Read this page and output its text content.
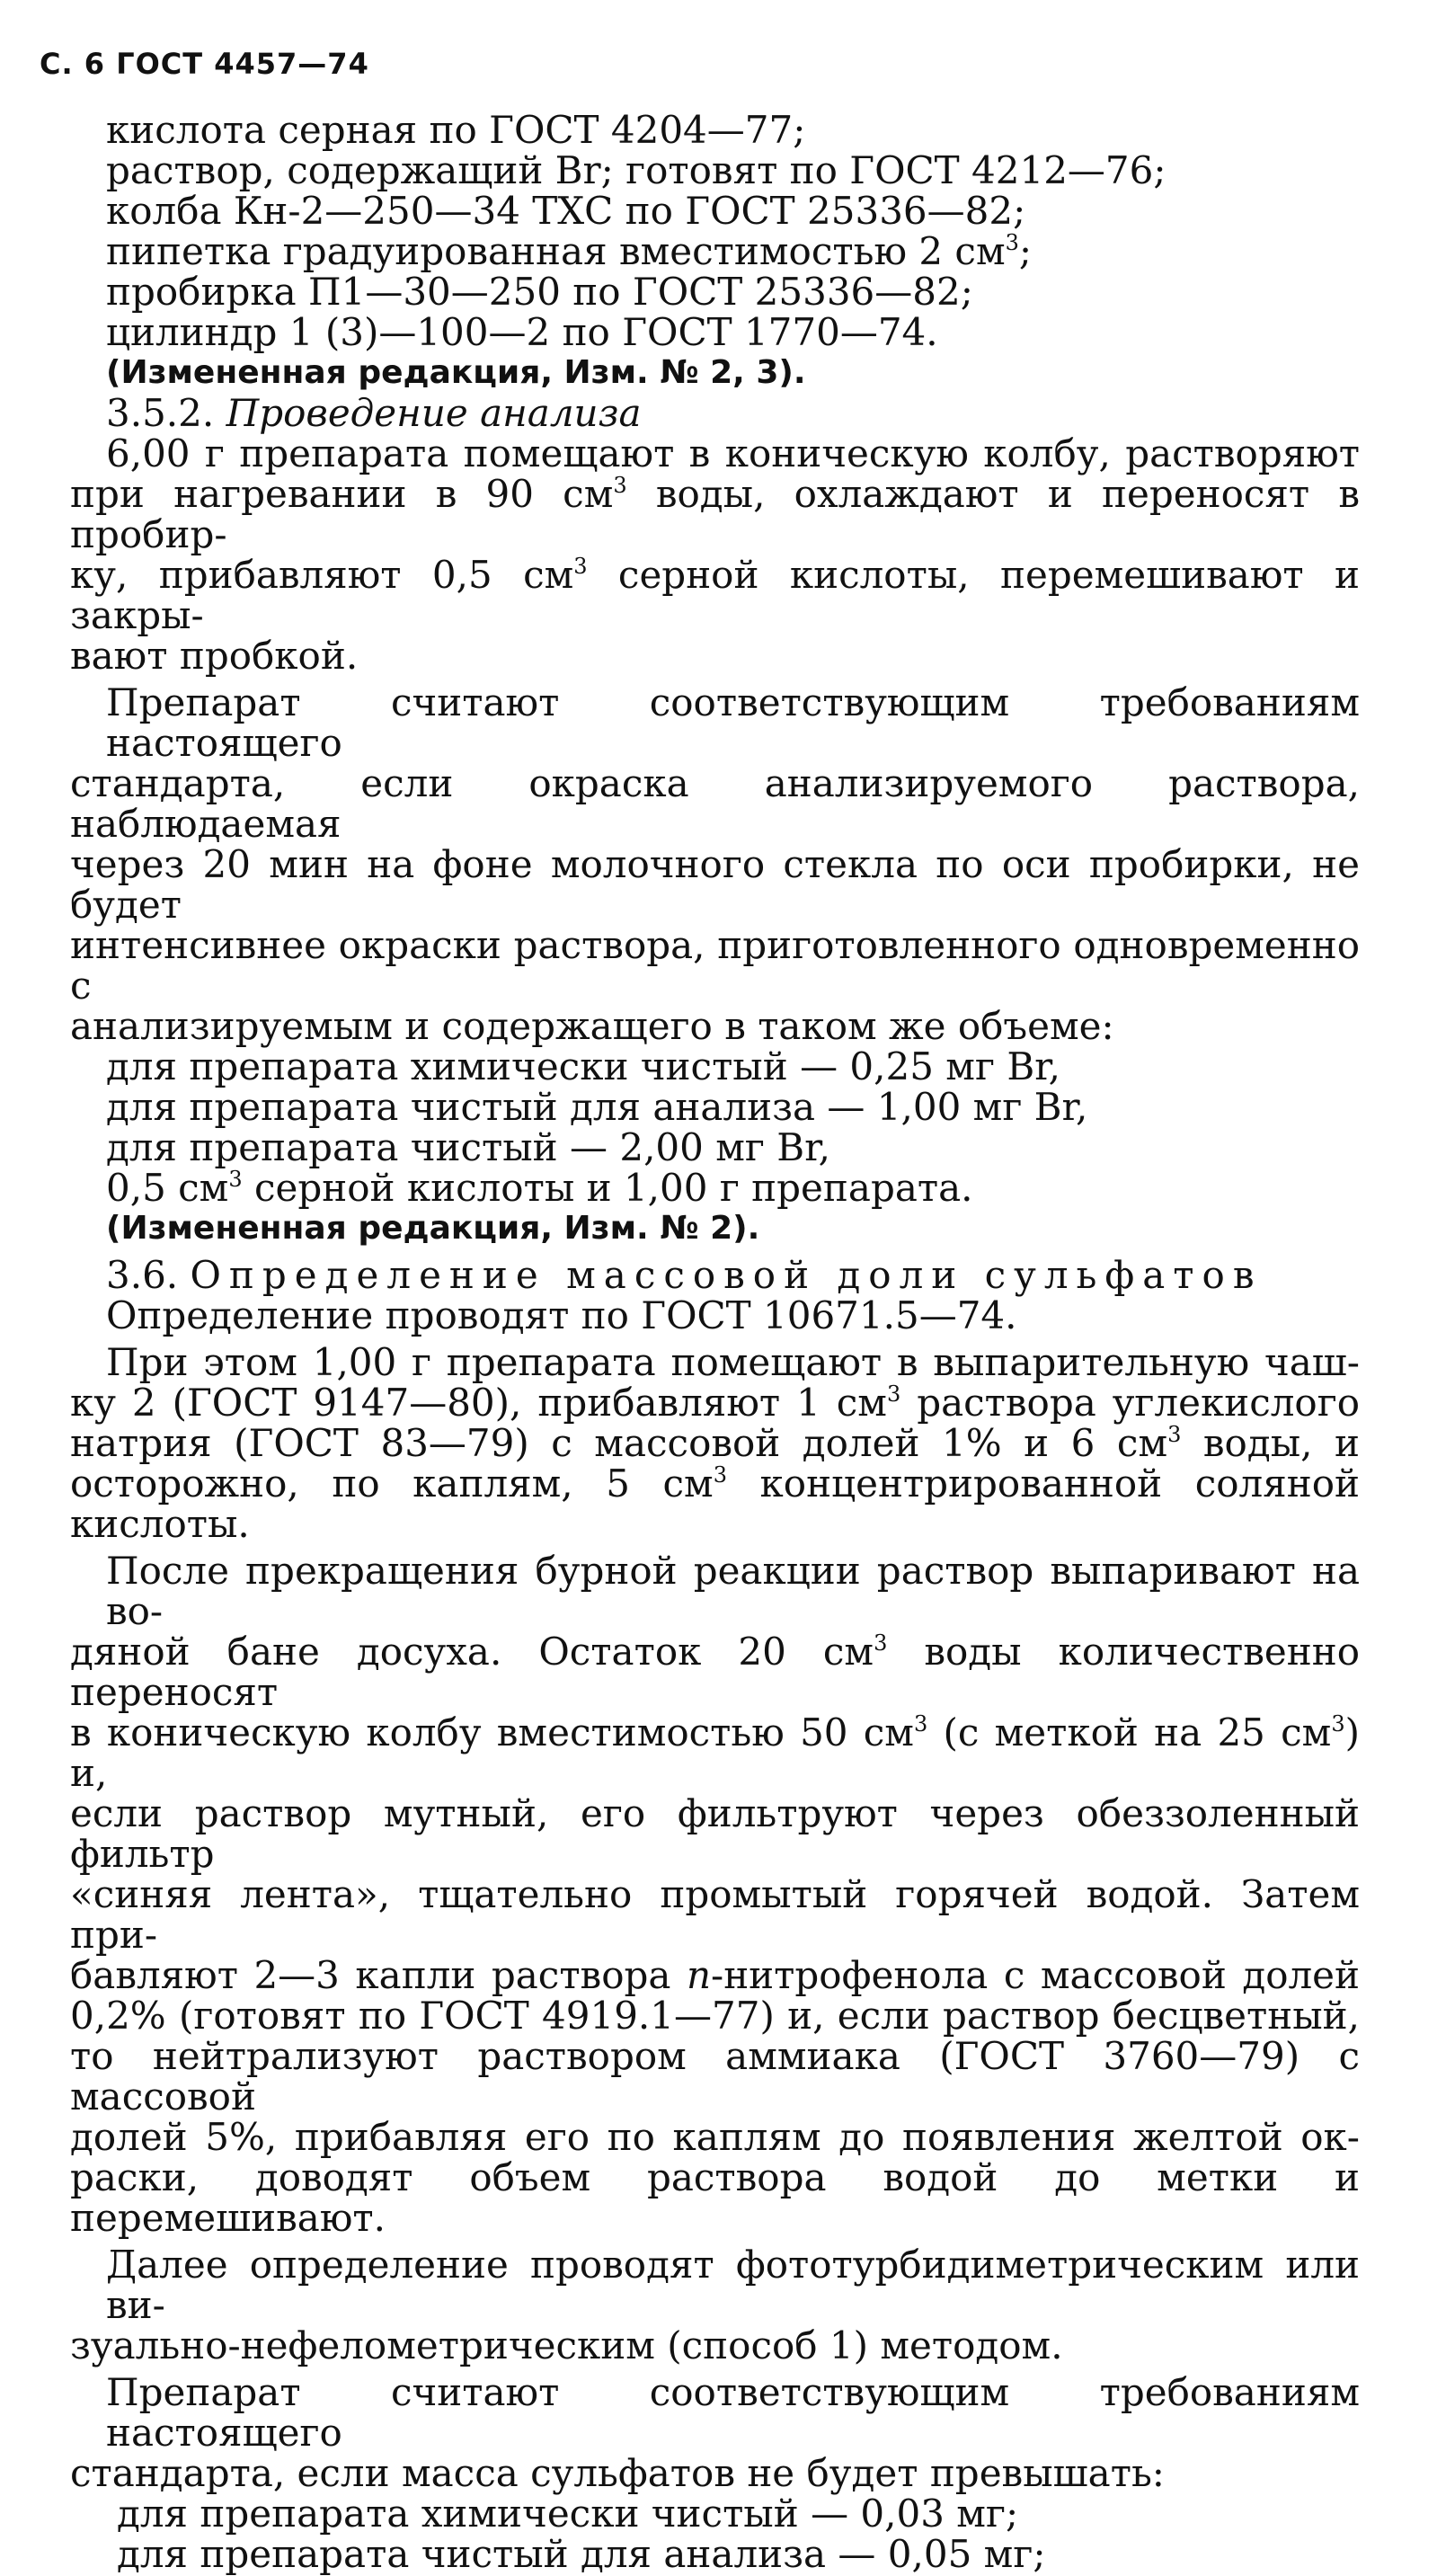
С. 6 ГОСТ 4457—74
кислота серная по ГОСТ 4204—77;
раствор, содержащий Br; готовят по ГОСТ 4212—76;
колба Кн-2—250—34 ТХС по ГОСТ 25336—82;
пипетка градуированная вместимостью 2 $см^3$;
пробирка П1—30—250 по ГОСТ 25336—82;
цилиндр 1 (3)—100—2 по ГОСТ 1770—74.
(Измененная редакция, Изм. № 2, 3).
3.5.2. Проведение анализа
6,00 г препарата помещают в коническую колбу, растворяют
при нагревании в 90 $см^3$ воды, охлаждают и переносят в пробир-
ку, прибавляют 0,5 $см^3$ серной кислоты, перемешивают и закры-
вают пробкой.
Препарат считают соответствующим требованиям настоящего
стандарта, если окраска анализируемого раствора, наблюдаемая
через 20 мин на фоне молочного стекла по оси пробирки, не будет
интенсивнее окраски раствора, приготовленного одновременно с
анализируемым и содержащего в таком же объеме:
для препарата химически чистый — 0,25 мг Br,
для препарата чистый для анализа — 1,00 мг Br,
для препарата чистый — 2,00 мг Br,
0,5 $см^3$ серной кислоты и 1,00 г препарата.
(Измененная редакция, Изм. № 2).
3.6. Определение массовой доли сульфатов
Определение проводят по ГОСТ 10671.5—74.
При этом 1,00 г препарата помещают в выпарительную чаш-
ку 2 (ГОСТ 9147—80), прибавляют 1 $см^3$ раствора углекислого
натрия (ГОСТ 83—79) с массовой долей 1% и 6 $см^3$ воды, и
осторожно, по каплям, 5 $см^3$ концентрированной соляной кислоты.
После прекращения бурной реакции раствор выпаривают на во-
дяной бане досуха. Остаток 20 $см^3$ воды количественно переносят
в коническую колбу вместимостью 50 $см^3$ (с меткой на 25 $см^3$) и,
если раствор мутный, его фильтруют через обеззоленный фильтр
«синяя лента», тщательно промытый горячей водой. Затем при-
бавляют 2—3 капли раствора п-нитрофенола с массовой долей
0,2% (готовят по ГОСТ 4919.1—77) и, если раствор бесцветный,
то нейтрализуют раствором аммиака (ГОСТ 3760—79) с массовой
долей 5%, прибавляя его по каплям до появления желтой ок-
раски, доводят объем раствора водой до метки и перемешивают.
Далее определение проводят фототурбидиметрическим или ви-
зуально-нефелометрическим (способ 1) методом.
Препарат считают соответствующим требованиям настоящего
стандарта, если масса сульфатов не будет превышать:
для препарата химически чистый — 0,03 мг;
для препарата чистый для анализа — 0,05 мг;
